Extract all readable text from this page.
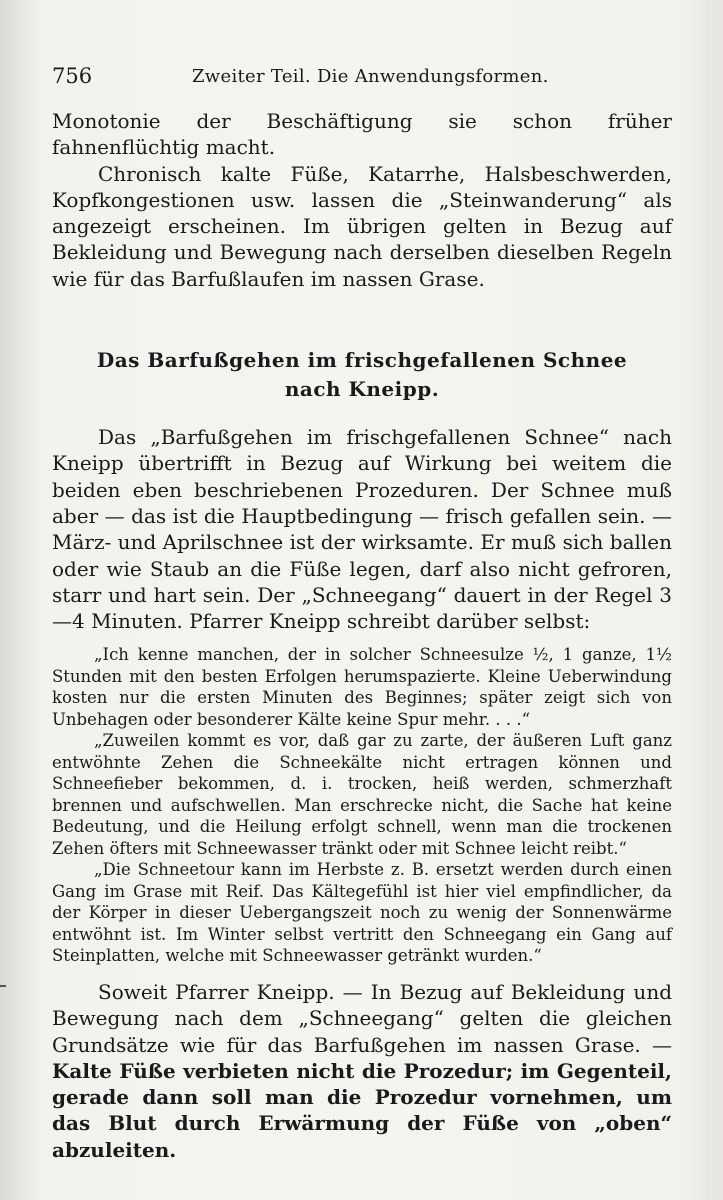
756	Zweiter Teil. Die Anwendungsformen.

Monotonie der Beschäftigung sie schon früher fahnenflüchtig macht.

Chronisch kalte Füße, Katarrhe, Halsbeschwerden, Kopfkongestionen usw. lassen die „Steinwanderung“ als angezeigt erscheinen. Im übrigen gelten in Bezug auf Bekleidung und Bewegung nach derselben dieselben Regeln wie für das Barfußlaufen im nassen Grase.

Das Barfußgehen im frischgefallenen Schnee
nach Kneipp.

Das „Barfußgehen im frischgefallenen Schnee“ nach Kneipp übertrifft in Bezug auf Wirkung bei weitem die beiden eben beschriebenen Prozeduren. Der Schnee muß aber — das ist die Hauptbedingung — frisch gefallen sein. — März- und Aprilschnee ist der wirksamte. Er muß sich ballen oder wie Staub an die Füße legen, darf also nicht gefroren, starr und hart sein. Der „Schneegang“ dauert in der Regel 3—4 Minuten. Pfarrer Kneipp schreibt darüber selbst:

„Ich kenne manchen, der in solcher Schneesulze ½, 1 ganze, 1½ Stunden mit den besten Erfolgen herumspazierte. Kleine Ueberwindung kosten nur die ersten Minuten des Beginnes; später zeigt sich von Unbehagen oder besonderer Kälte keine Spur mehr. . . .“

„Zuweilen kommt es vor, daß gar zu zarte, der äußeren Luft ganz entwöhnte Zehen die Schneekälte nicht ertragen können und Schneefieber bekommen, d. i. trocken, heiß werden, schmerzhaft brennen und aufschwellen. Man erschrecke nicht, die Sache hat keine Bedeutung, und die Heilung erfolgt schnell, wenn man die trockenen Zehen öfters mit Schneewasser tränkt oder mit Schnee leicht reibt.“

„Die Schneetour kann im Herbste z. B. ersetzt werden durch einen Gang im Grase mit Reif. Das Kältegefühl ist hier viel empfindlicher, da der Körper in dieser Uebergangszeit noch zu wenig der Sonnenwärme entwöhnt ist. Im Winter selbst vertritt den Schneegang ein Gang auf Steinplatten, welche mit Schneewasser getränkt wurden.“

Soweit Pfarrer Kneipp. — In Bezug auf Bekleidung und Bewegung nach dem „Schneegang“ gelten die gleichen Grundsätze wie für das Barfußgehen im nassen Grase. — Kalte Füße verbieten nicht die Prozedur; im Gegenteil, gerade dann soll man die Prozedur vornehmen, um das Blut durch Erwärmung der Füße von „oben“ abzuleiten.
